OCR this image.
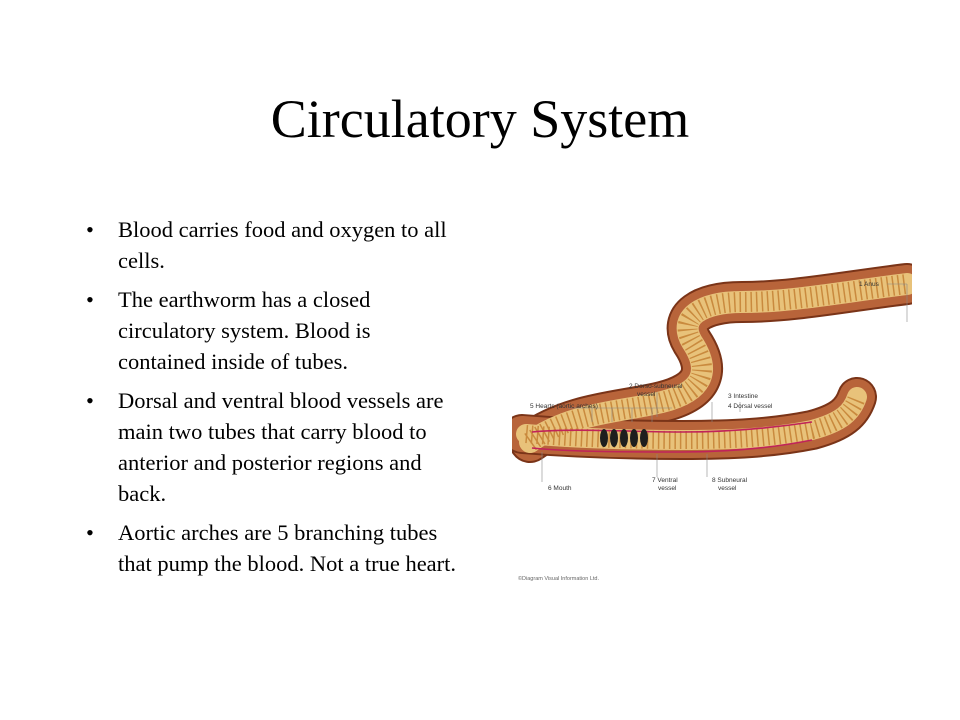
Circulatory System
• Blood carries food and oxygen to all cells.
• The earthworm has a closed circulatory system. Blood is contained inside of tubes.
• Dorsal and ventral blood vessels are main two tubes that carry blood to anterior and posterior regions and back.
• Aortic arches are 5 branching tubes that pump the blood. Not a true heart.
1 Anus
2 Dorso-subneural
vessel	3 Intestine
4 Dorsal vessel
5 Hearts (aortic arches)
6 Mouth
7 Ventral
vessel
8 Subneural
vessel
©Diagram Visual Information Ltd.
